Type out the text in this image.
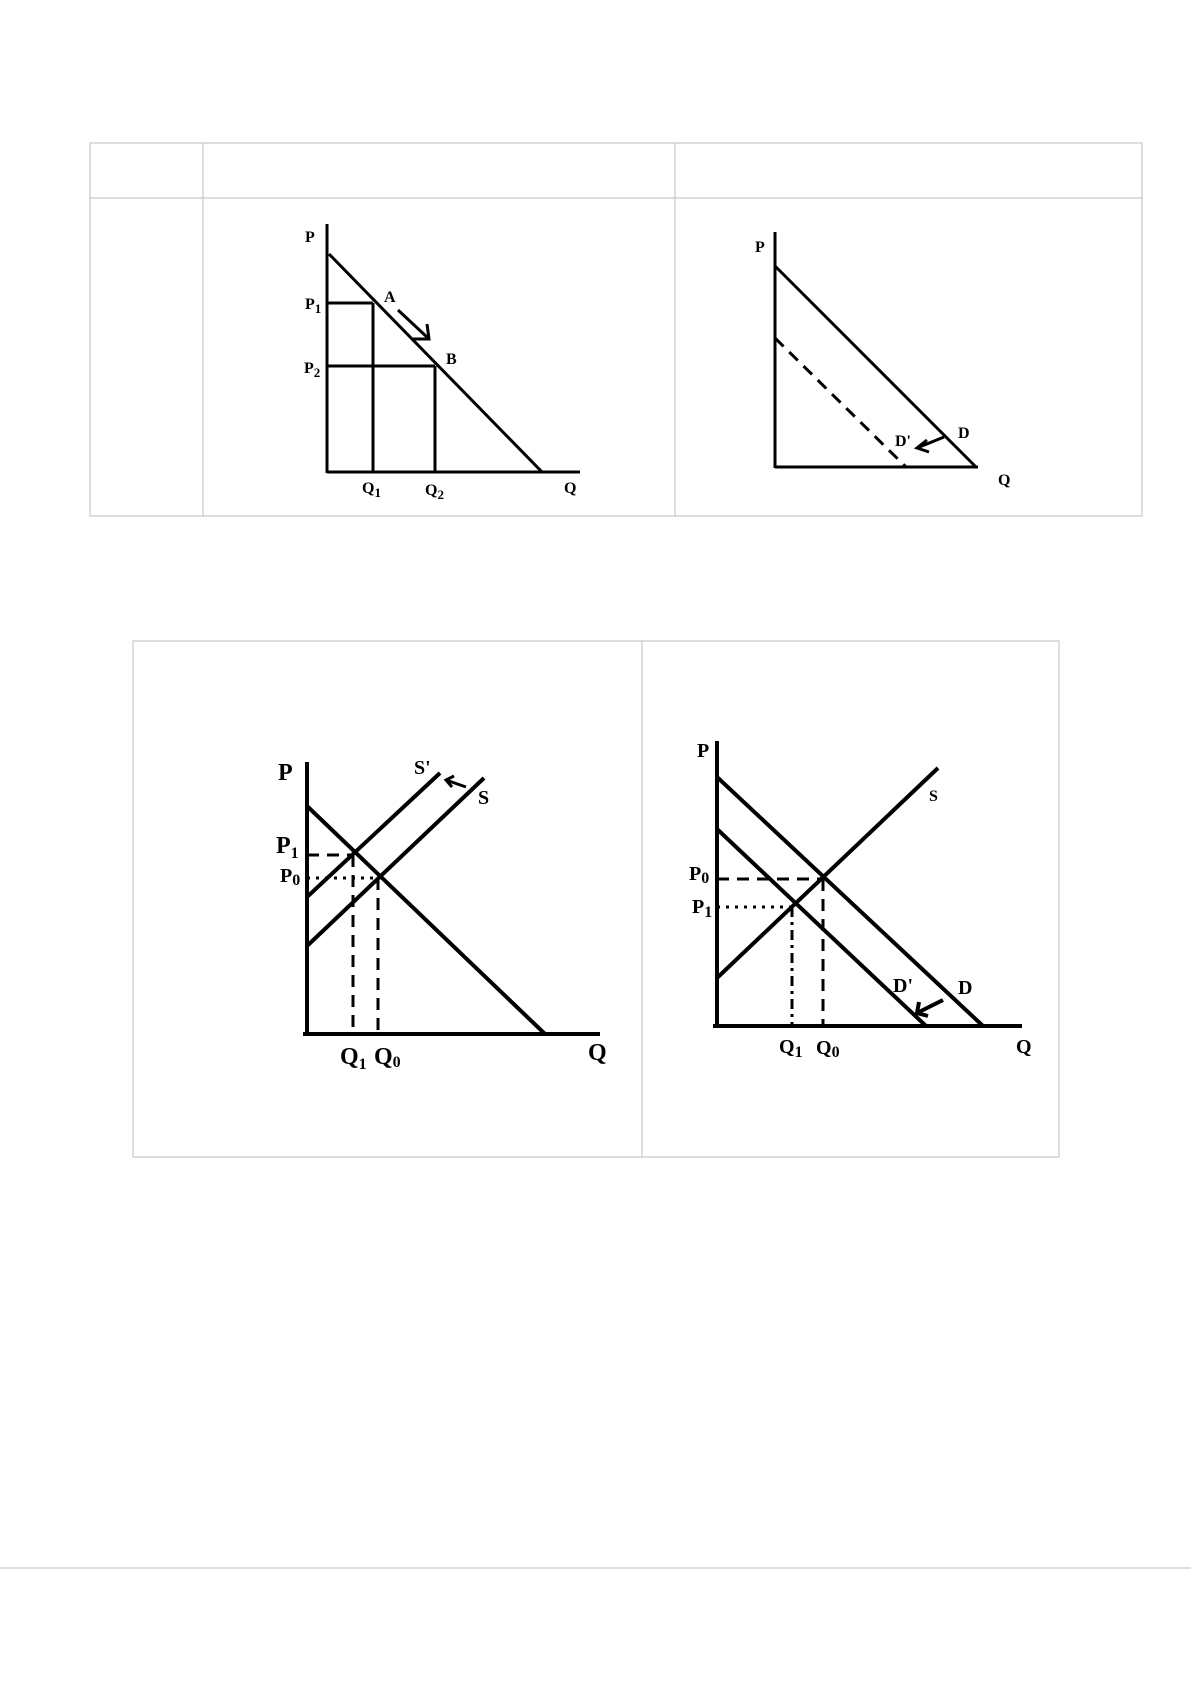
P
$P_1$
$P_2$
A
B
$Q_1$	$Q_2$	Q
P
D'	D
Q
P
$P_1$
P0
$Q_1$ Q0
S'
S
Q
P
P0
$P_1$
$Q_1$ Q0
S
D' D
Q
